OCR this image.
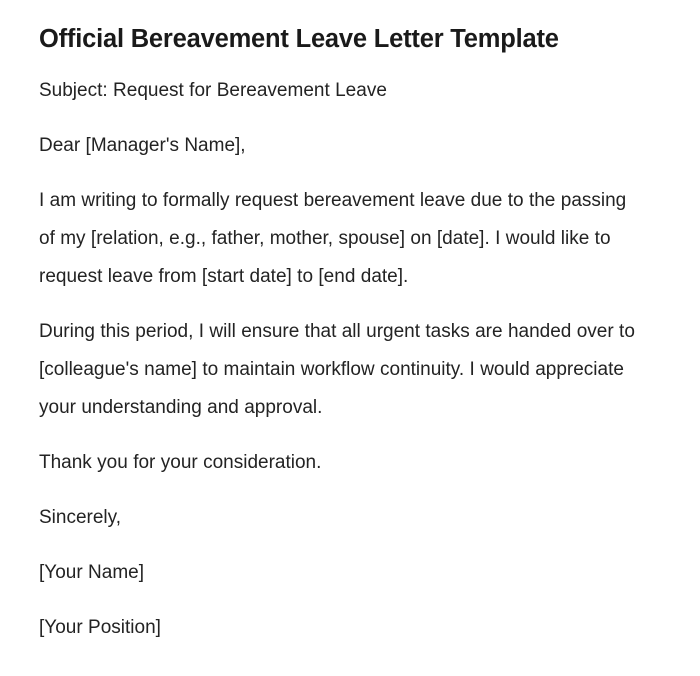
Official Bereavement Leave Letter Template

Subject: Request for Bereavement Leave

Dear [Manager's Name],

I am writing to formally request bereavement leave due to the passing of my [relation, e.g., father, mother, spouse] on [date]. I would like to request leave from [start date] to [end date].

During this period, I will ensure that all urgent tasks are handed over to [colleague's name] to maintain workflow continuity. I would appreciate your understanding and approval.

Thank you for your consideration.

Sincerely,

[Your Name]

[Your Position]
